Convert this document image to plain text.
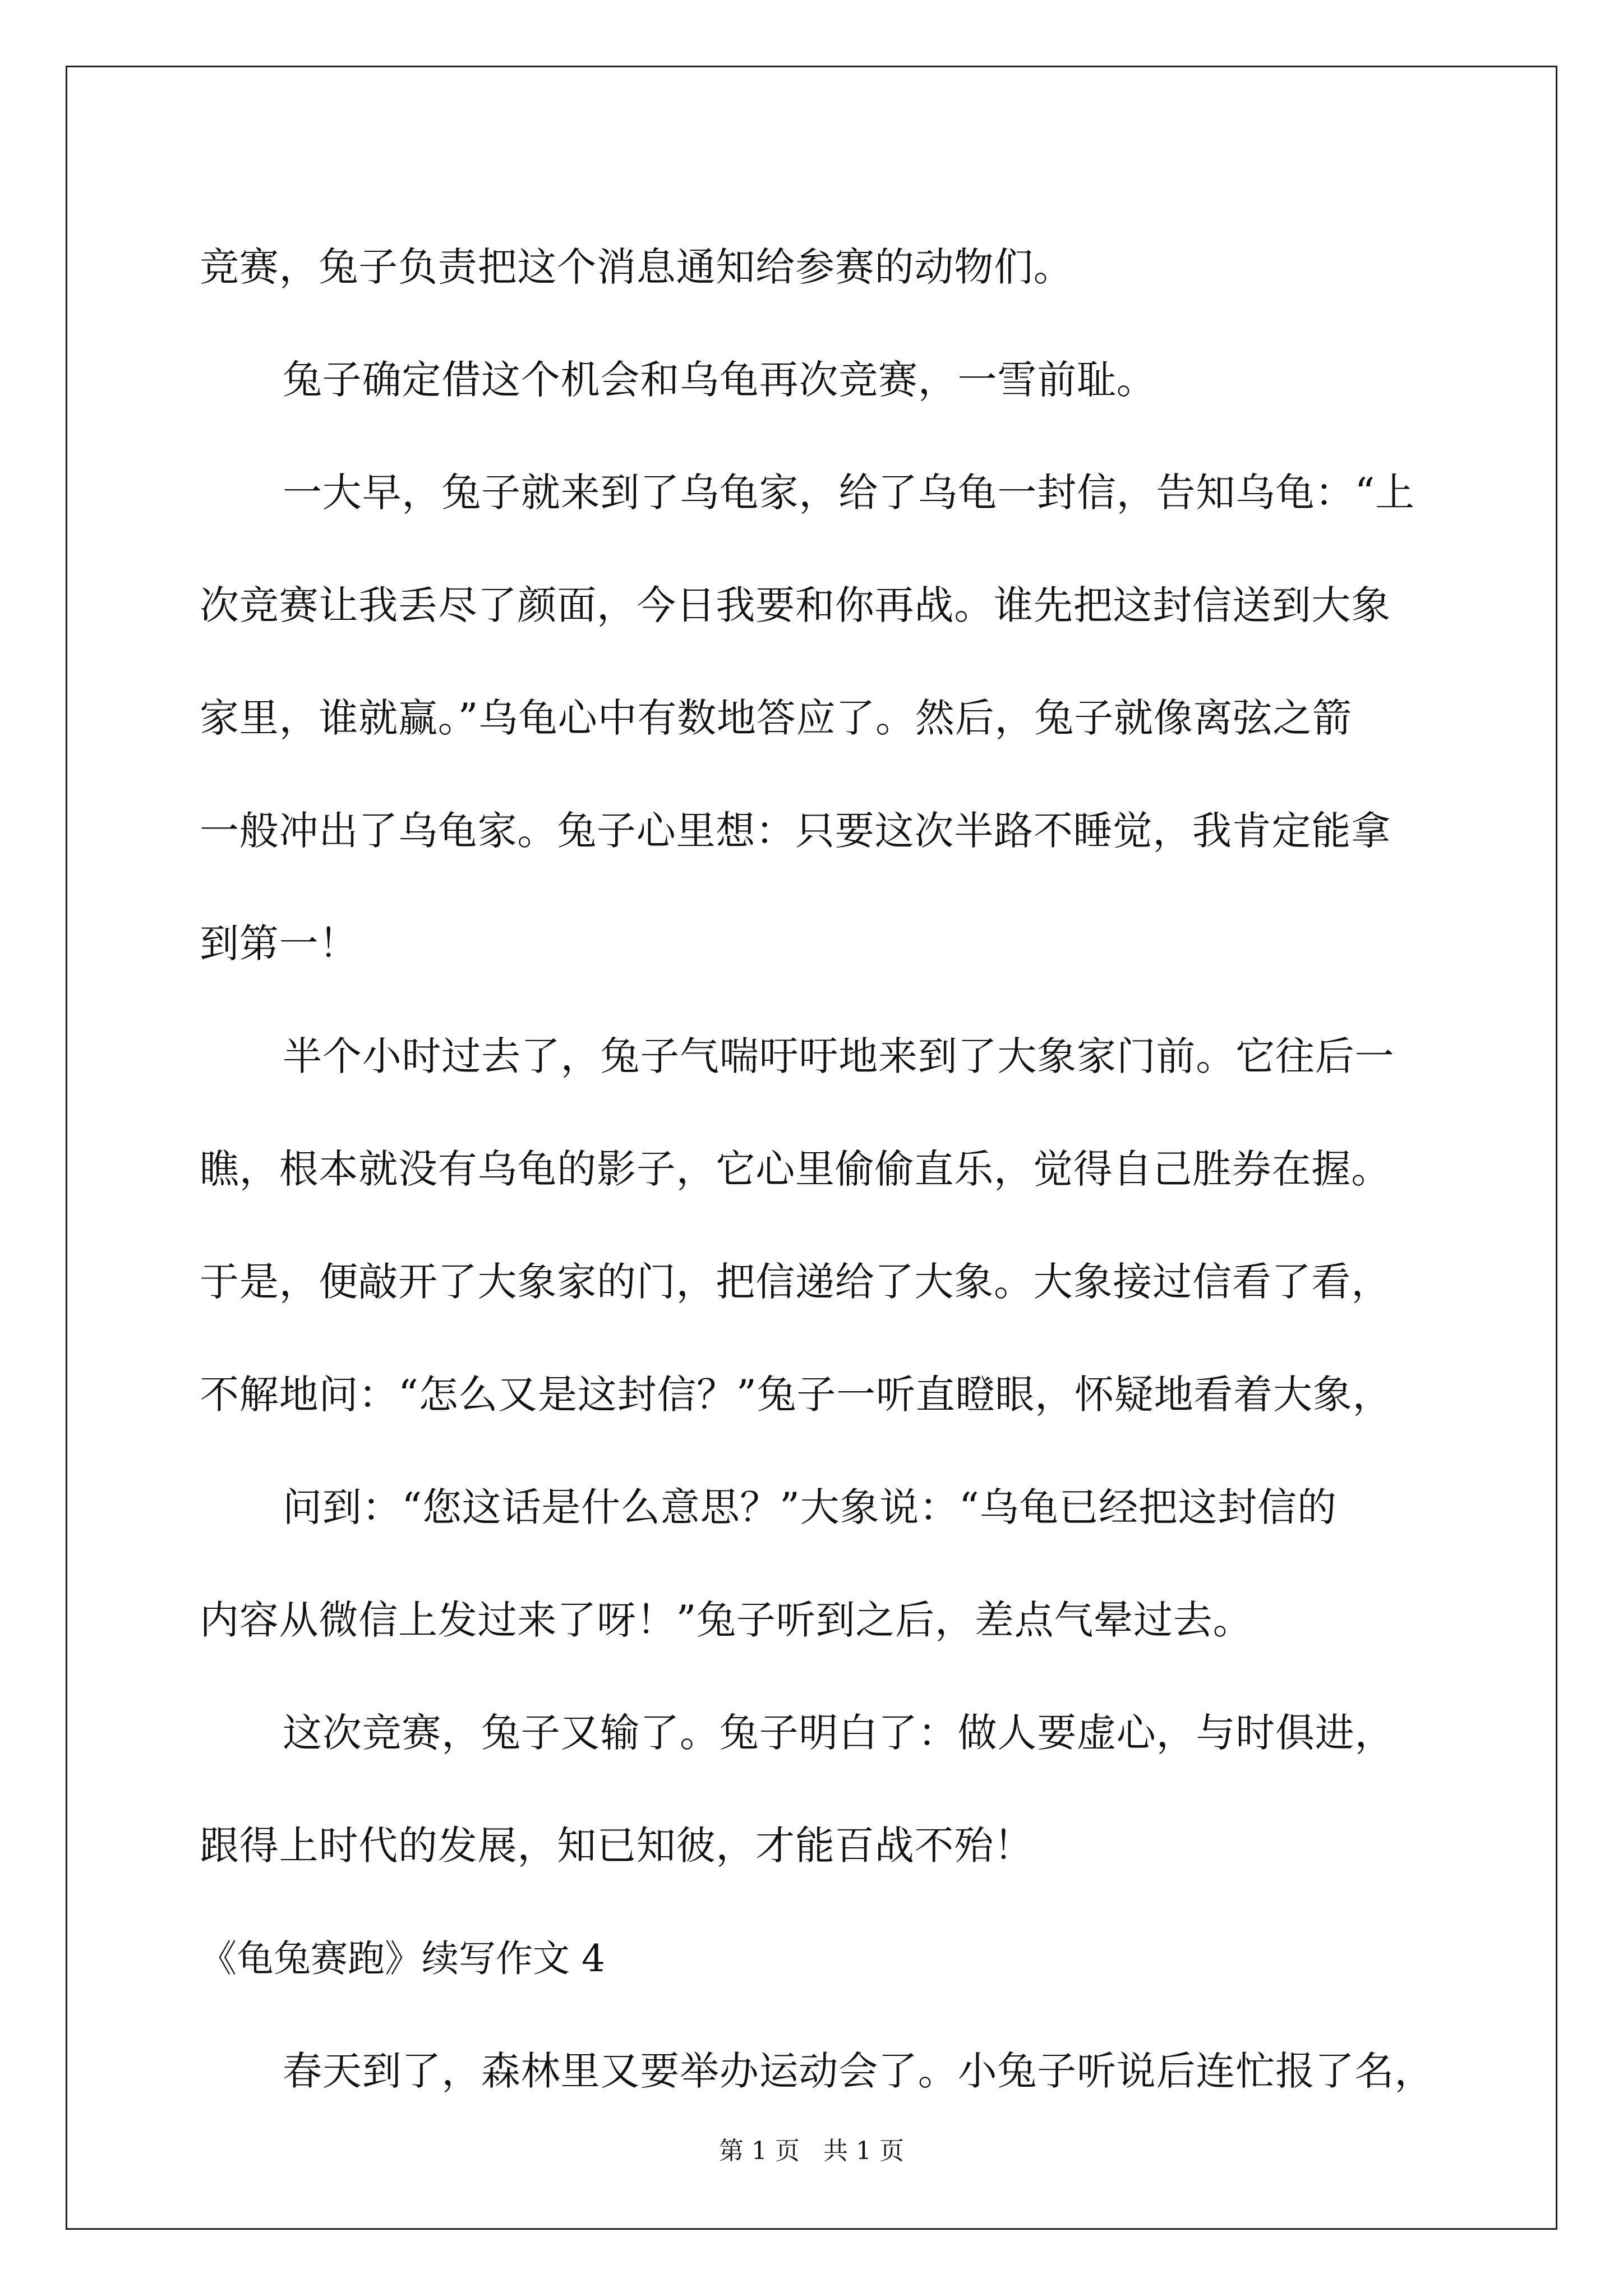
竞赛，兔子负责把这个消息通知给参赛的动物们。
兔子确定借这个机会和乌龟再次竞赛，一雪前耻。
一大早，兔子就来到了乌龟家，给了乌龟一封信，告知乌龟：“上
次竞赛让我丢尽了颜面，今日我要和你再战。谁先把这封信送到大象
家里，谁就赢。”乌龟心中有数地答应了。然后，兔子就像离弦之箭
一般冲出了乌龟家。兔子心里想：只要这次半路不睡觉，我肯定能拿
到第一！
半个小时过去了，兔子气喘吁吁地来到了大象家门前。它往后一
瞧，根本就没有乌龟的影子，它心里偷偷直乐，觉得自己胜券在握。
于是，便敲开了大象家的门，把信递给了大象。大象接过信看了看，
不解地问：“怎么又是这封信？”兔子一听直瞪眼，怀疑地看着大象，
问到：“您这话是什么意思？”大象说：“乌龟已经把这封信的
内容从微信上发过来了呀！”兔子听到之后，差点气晕过去。
这次竞赛，兔子又输了。兔子明白了：做人要虚心，与时俱进，
跟得上时代的发展，知已知彼，才能百战不殆！
《龟兔赛跑》续写作文 4
春天到了，森林里又要举办运动会了。小兔子听说后连忙报了名，
第 1 页   共 1 页
